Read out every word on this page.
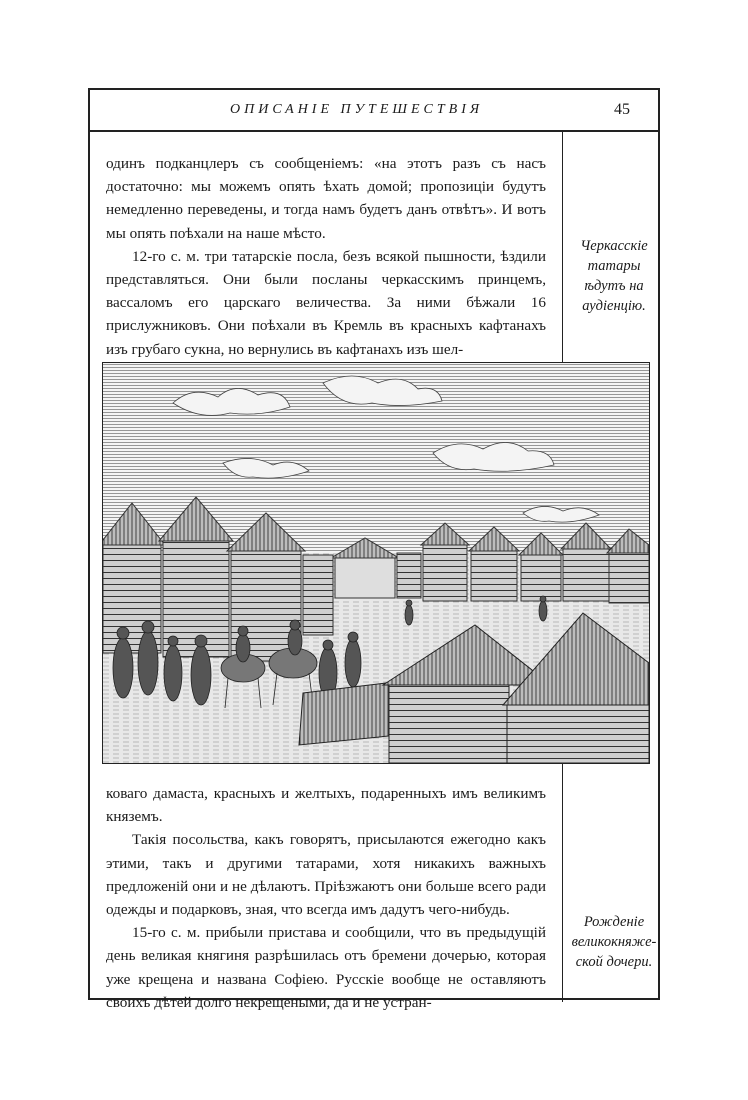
ОПИСАНІЕ ПУТЕШЕСТВІЯ	45

одинъ подканцлеръ съ сообщеніемъ: «на этотъ разъ съ насъ достаточно: мы можемъ опять ѣхать домой; пропозиціи будутъ немедленно переведены, и тогда намъ будетъ данъ отвѣтъ». И вотъ мы опять поѣхали на наше мѣсто.

12-го с. м. три татарскіе посла, безъ всякой пышности, ѣздили представляться. Они были посланы черкасскимъ принцемъ, вассаломъ его царскаго величества. За ними бѣжали 16 прислужниковъ. Они поѣхали въ Кремль въ красныхъ кафтанахъ изъ грубаго сукна, но вернулись въ кафтанахъ изъ шел-

Черкасскіе
татары
ѣдутъ на
аудіенцію.

коваго дамаста, красныхъ и желтыхъ, подаренныхъ имъ великимъ княземъ.

Такія посольства, какъ говорятъ, присылаются ежегодно какъ этими, такъ и другими татарами, хотя никакихъ важныхъ предложеній они и не дѣлаютъ. Пріѣзжаютъ они больше всего ради одежды и подарковъ, зная, что всегда имъ дадутъ чего-нибудь.

15-го с. м. прибыли пристава и сообщили, что въ предыдущій день великая княгиня разрѣшилась отъ бремени дочерью, которая уже крещена и названа Софіею. Русскіе вообще не оставляютъ своихъ дѣтей долго некрещеными, да и не устран-

Рожденіе
великокняже-
ской дочери.
